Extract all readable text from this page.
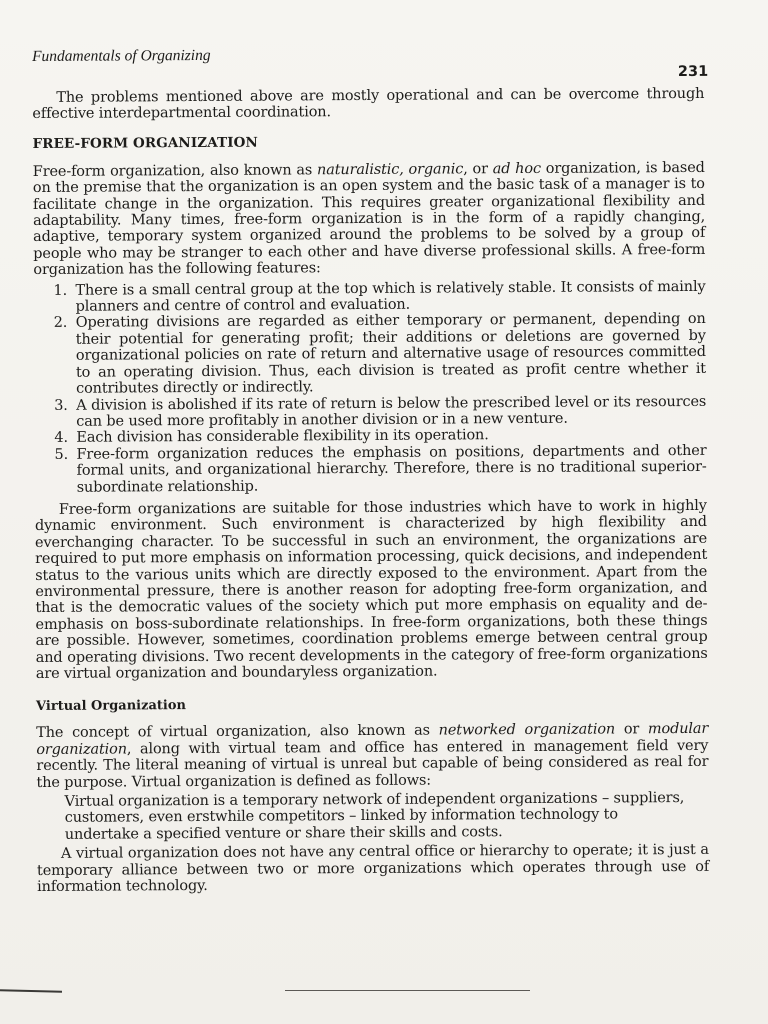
Fundamentals of Organizing
231

The problems mentioned above are mostly operational and can be overcome through effective interdepartmental coordination.

FREE-FORM ORGANIZATION

Free-form organization, also known as naturalistic, organic, or ad hoc organization, is based on the premise that the organization is an open system and the basic task of a manager is to facilitate change in the organization. This requires greater organizational flexibility and adaptability. Many times, free-form organization is in the form of a rapidly changing, adaptive, temporary system organized around the problems to be solved by a group of people who may be stranger to each other and have diverse professional skills. A free-form organization has the following features:

1. There is a small central group at the top which is relatively stable. It consists of mainly planners and centre of control and evaluation.
2. Operating divisions are regarded as either temporary or permanent, depending on their potential for generating profit; their additions or deletions are governed by organizational policies on rate of return and alternative usage of resources committed to an operating division. Thus, each division is treated as profit centre whether it contributes directly or indirectly.
3. A division is abolished if its rate of return is below the prescribed level or its resources can be used more profitably in another division or in a new venture.
4. Each division has considerable flexibility in its operation.
5. Free-form organization reduces the emphasis on positions, departments and other formal units, and organizational hierarchy. Therefore, there is no traditional superior-subordinate relationship.

Free-form organizations are suitable for those industries which have to work in highly dynamic environment. Such environment is characterized by high flexibility and everchanging character. To be successful in such an environment, the organizations are required to put more emphasis on information processing, quick decisions, and independent status to the various units which are directly exposed to the environment. Apart from the environmental pressure, there is another reason for adopting free-form organization, and that is the democratic values of the society which put more emphasis on equality and de-emphasis on boss-subordinate relationships. In free-form organizations, both these things are possible. However, sometimes, coordination problems emerge between central group and operating divisions. Two recent developments in the category of free-form organizations are virtual organization and boundaryless organization.

Virtual Organization

The concept of virtual organization, also known as networked organization or modular organization, along with virtual team and office has entered in management field very recently. The literal meaning of virtual is unreal but capable of being considered as real for the purpose. Virtual organization is defined as follows:

Virtual organization is a temporary network of independent organizations – suppliers, customers, even erstwhile competitors – linked by information technology to undertake a specified venture or share their skills and costs.

A virtual organization does not have any central office or hierarchy to operate; it is just a temporary alliance between two or more organizations which operates through use of information technology.
